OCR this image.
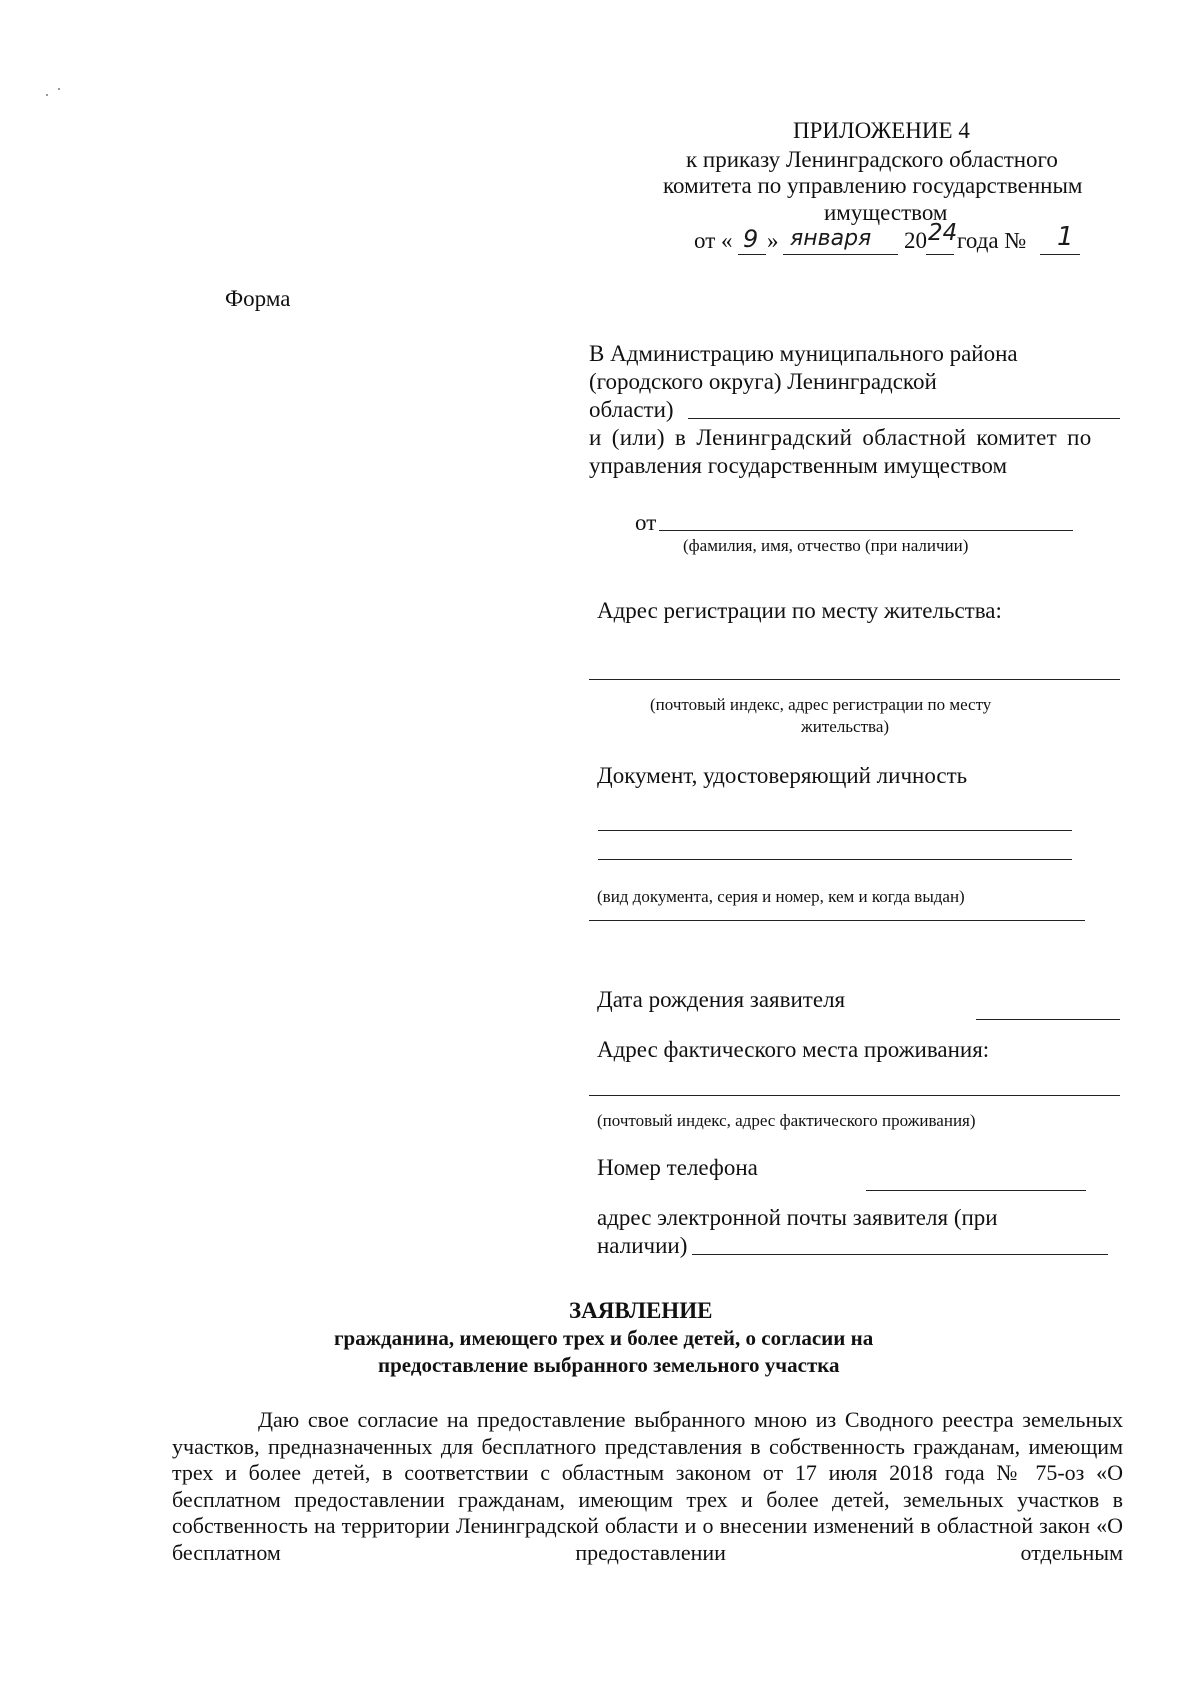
ПРИЛОЖЕНИЕ 4
к приказу Ленинградского областного
комитета по управлению государственным
имуществом
от « 9 » января 20 24 года № 1
Форма
В Администрацию муниципального района
(городского округа) Ленинградской
области)
и (или) в Ленинградский областной комитет по
управления государственным имуществом
от
(фамилия, имя, отчество (при наличии)
Адрес регистрации по месту жительства:
(почтовый индекс, адрес регистрации по месту
жительства)
Документ, удостоверяющий личность
(вид документа, серия и номер, кем и когда выдан)
Дата рождения заявителя
Адрес фактического места проживания:
(почтовый индекс, адрес фактического проживания)
Номер телефона
адрес электронной почты заявителя (при
наличии)
ЗАЯВЛЕНИЕ
гражданина, имеющего трех и более детей, о согласии на
предоставление выбранного земельного участка

Даю свое согласие на предоставление выбранного мною из Сводного реестра земельных участков, предназначенных для бесплатного представления в собственность гражданам, имеющим трех и более детей, в соответствии с областным законом от 17 июля 2018 года № 75-оз «О бесплатном предоставлении гражданам, имеющим трех и более детей, земельных участков в собственность на территории Ленинградской области и о внесении изменений в областной закон «О бесплатном предоставлении отдельным
